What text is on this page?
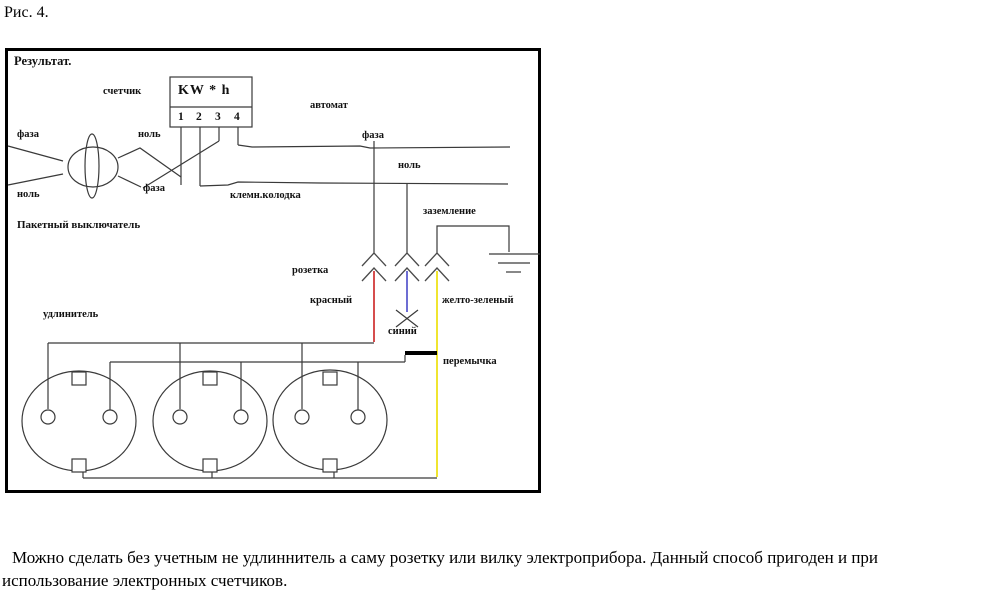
Рис. 4.
Результат.
счетчик	KW * h
1 2 3 4
автомат
фаза
ноль
ноль
фаза
Пакетный выключатель
клемн.колодка
фаза
ноль
заземление
розетка
красный	желто-зеленый
синий
перемычка
удлинитель
Можно сделать без учетным не удлиннитель а саму розетку или вилку электроприбора. Данный способ пригоден и при
использование электронных счетчиков.
